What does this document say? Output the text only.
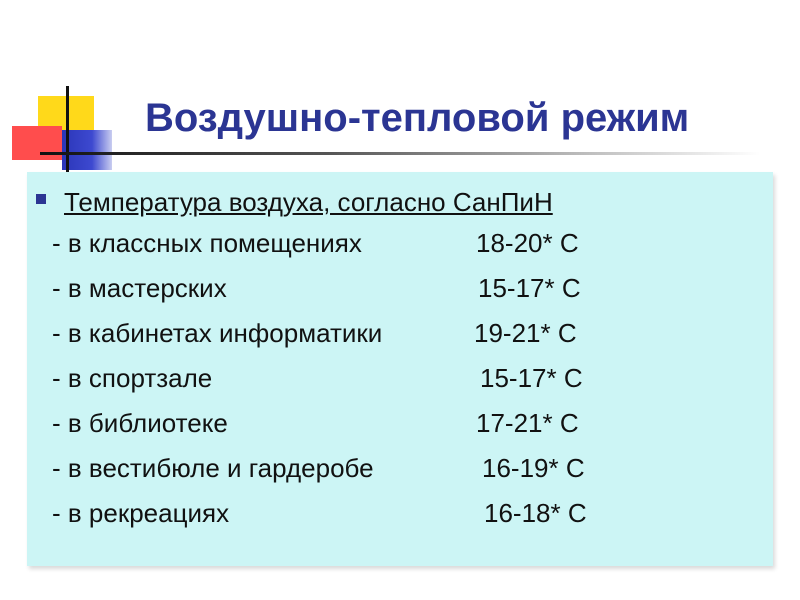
Воздушно-тепловой режим
Температура воздуха, согласно СанПиН
- в классных помещениях	18-20* С
- в мастерских	15-17* С
- в кабинетах информатики	19-21* С
- в спортзале	15-17* С
- в библиотеке	17-21* С
- в вестибюле и гардеробе	16-19* С
- в рекреациях	16-18* С
